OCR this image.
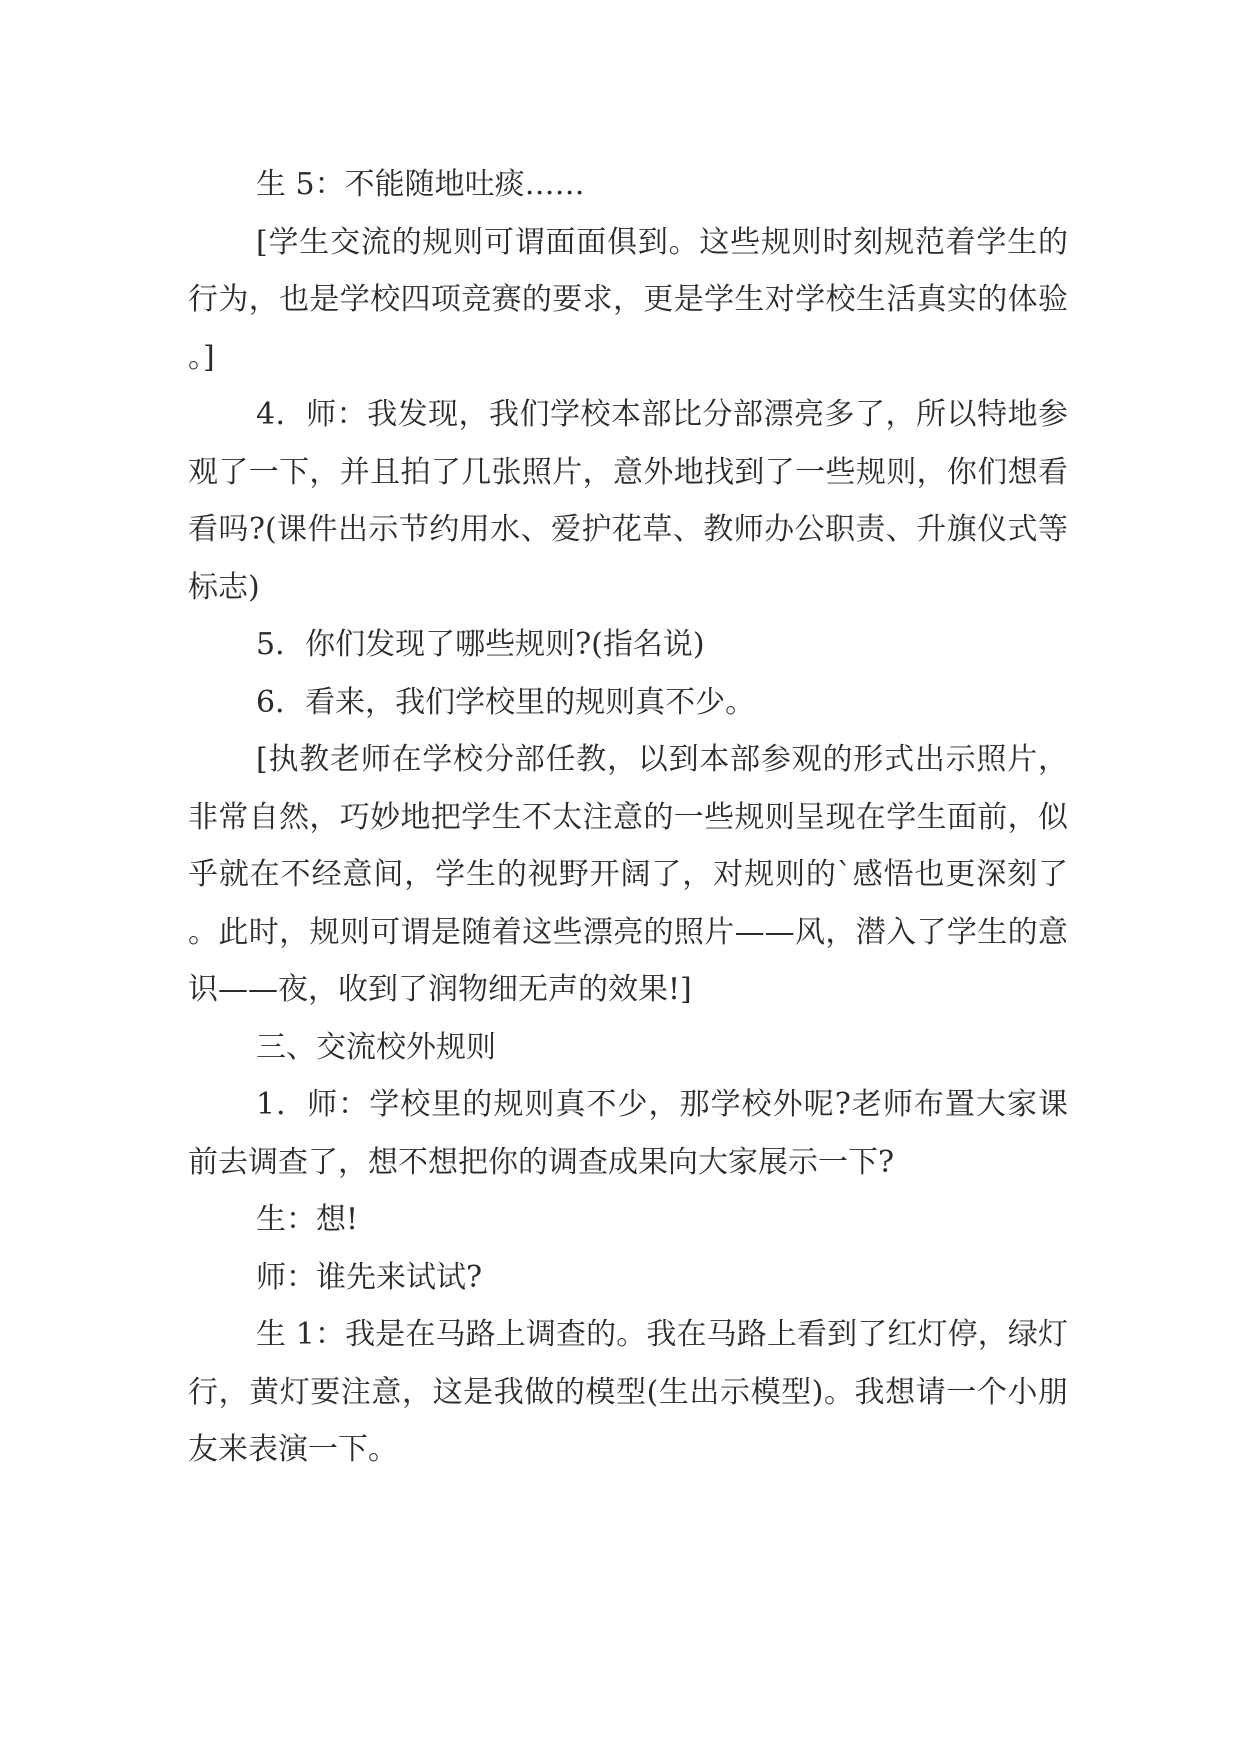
生 5：不能随地吐痰……

[学生交流的规则可谓面面俱到。这些规则时刻规范着学生的行为，也是学校四项竞赛的要求，更是学生对学校生活真实的体验。]

4．师：我发现，我们学校本部比分部漂亮多了，所以特地参观了一下，并且拍了几张照片，意外地找到了一些规则，你们想看看吗?(课件出示节约用水、爱护花草、教师办公职责、升旗仪式等标志)

5．你们发现了哪些规则?(指名说)

6．看来，我们学校里的规则真不少。

[执教老师在学校分部任教，以到本部参观的形式出示照片，非常自然，巧妙地把学生不太注意的一些规则呈现在学生面前，似乎就在不经意间，学生的视野开阔了，对规则的`感悟也更深刻了。此时，规则可谓是随着这些漂亮的照片——风，潜入了学生的意识——夜，收到了润物细无声的效果!]

三、交流校外规则

1．师：学校里的规则真不少，那学校外呢?老师布置大家课前去调查了，想不想把你的调查成果向大家展示一下?

生：想!

师：谁先来试试?

生 1：我是在马路上调查的。我在马路上看到了红灯停，绿灯行，黄灯要注意，这是我做的模型(生出示模型)。我想请一个小朋友来表演一下。
